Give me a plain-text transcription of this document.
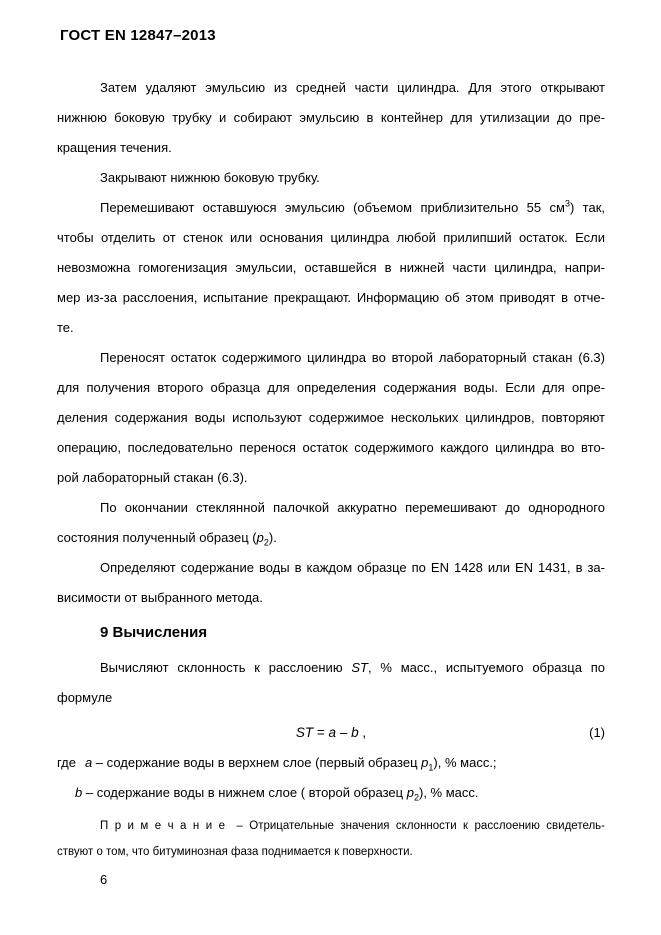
ГОСТ EN 12847–2013
Затем удаляют эмульсию из средней части цилиндра. Для этого открывают
нижнюю боковую трубку и собирают эмульсию в контейнер для утилизации до пре-
кращения течения.
Закрывают нижнюю боковую трубку.
Перемешивают оставшуюся эмульсию (объемом приблизительно 55 $см^3$) так,
чтобы отделить от стенок или основания цилиндра любой прилипший остаток. Если
невозможна гомогенизация эмульсии, оставшейся в нижней части цилиндра, напри-
мер из-за расслоения, испытание прекращают. Информацию об этом приводят в отче-
те.
Переносят остаток содержимого цилиндра во второй лабораторный стакан (6.3)
для получения второго образца для определения содержания воды. Если для опре-
деления содержания воды используют содержимое нескольких цилиндров, повторяют
операцию, последовательно перенося остаток содержимого каждого цилиндра во вто-
рой лабораторный стакан (6.3).
По окончании стеклянной палочкой аккуратно перемешивают до однородного
состояния полученный образец $(p_2)$.
Определяют содержание воды в каждом образце по EN 1428 или EN 1431, в за-
висимости от выбранного метода.
9 Вычисления
Вычисляют склонность к расслоению ST, % масс., испытуемого образца по
формуле
ST = a – b ,	(1)
где a – содержание воды в верхнем слое (первый образец $p_1$), % масс.;
b – содержание воды в нижнем слое ( второй образец $p_2$), % масс.
П р и м е ч а н и е – Отрицательные значения склонности к расслоению свидетель-
ствуют о том, что битуминозная фаза поднимается к поверхности.
6
